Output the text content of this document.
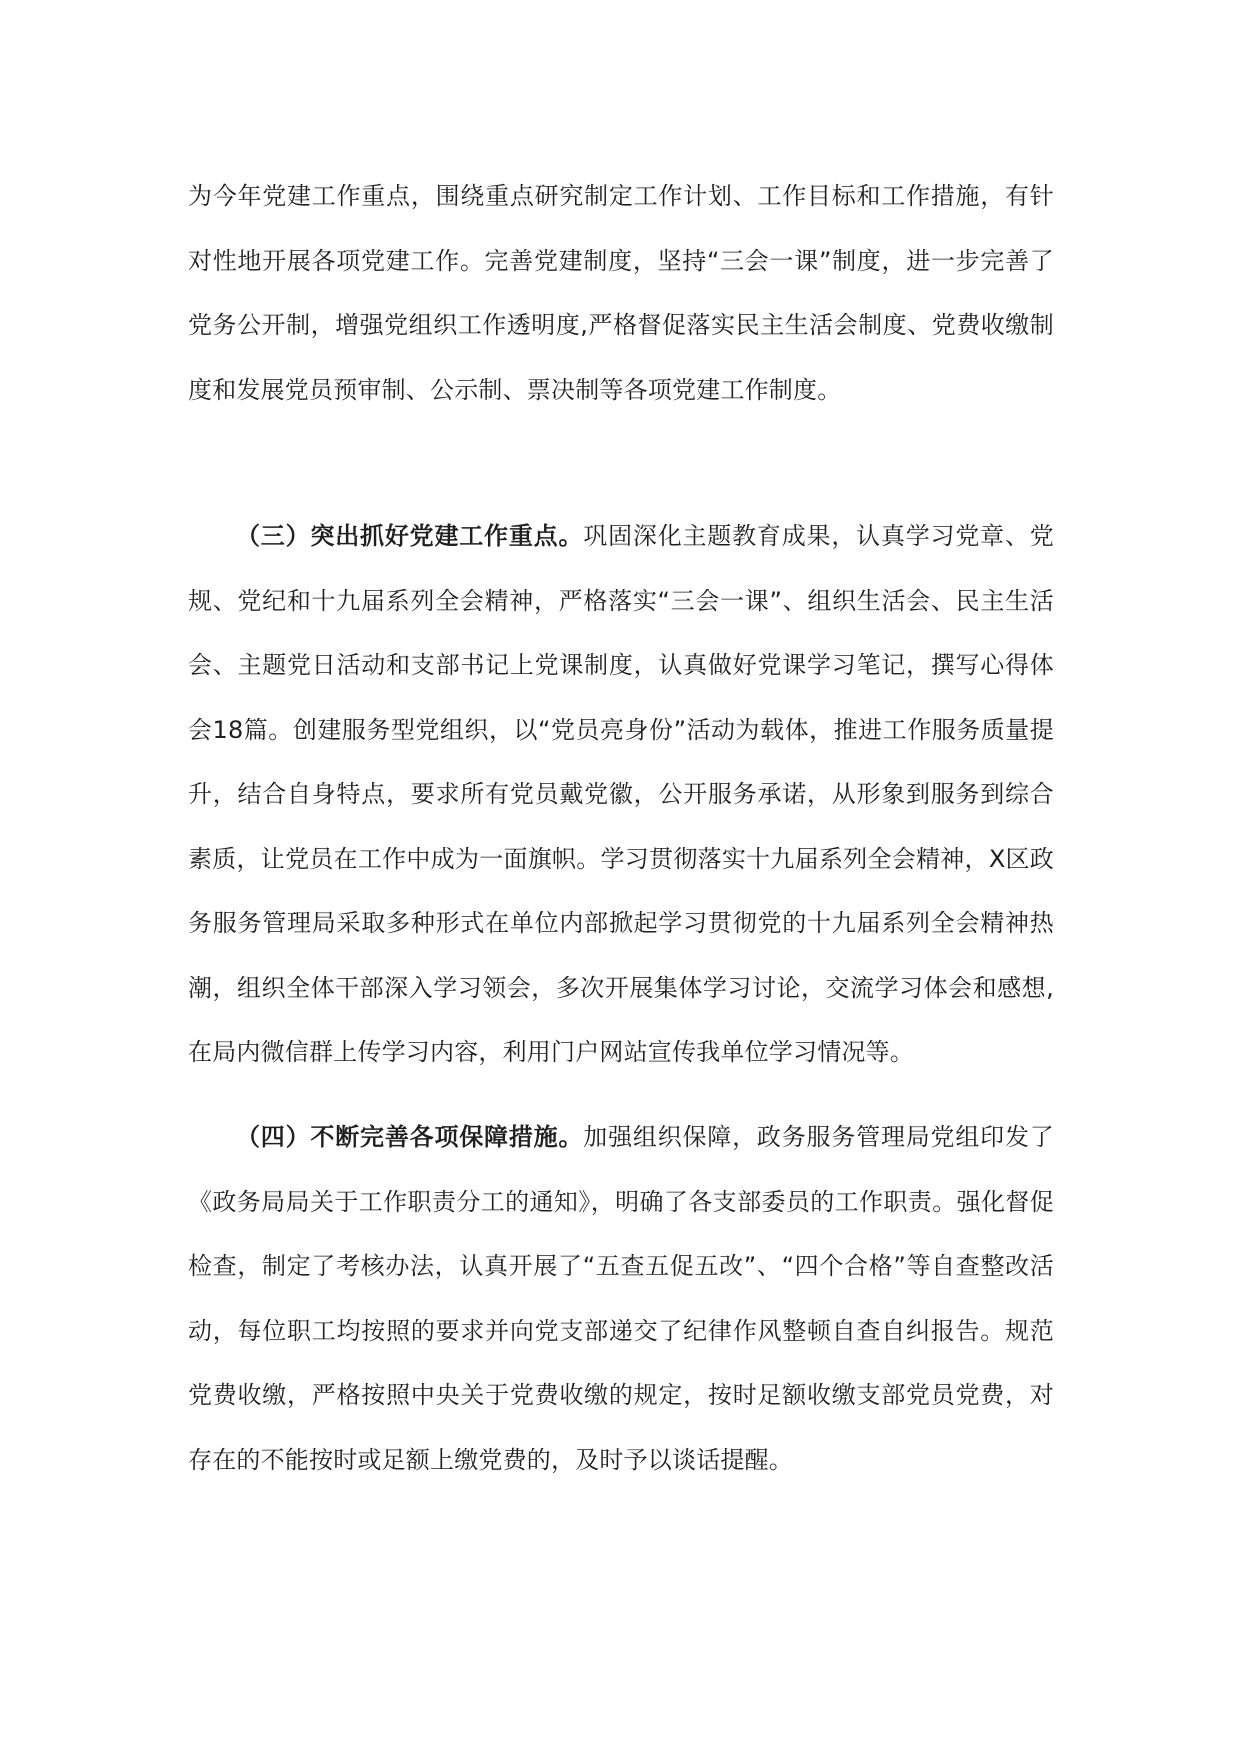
为今年党建工作重点，围绕重点研究制定工作计划、工作目标和工作措施，有针对性地开展各项党建工作。完善党建制度，坚持“三会一课”制度，进一步完善了党务公开制，增强党组织工作透明度,严格督促落实民主生活会制度、党费收缴制度和发展党员预审制、公示制、票决制等各项党建工作制度。

（三）突出抓好党建工作重点。巩固深化主题教育成果，认真学习党章、党规、党纪和十九届系列全会精神，严格落实“三会一课”、组织生活会、民主生活会、主题党日活动和支部书记上党课制度，认真做好党课学习笔记，撰写心得体会18篇。创建服务型党组织，以“党员亮身份”活动为载体，推进工作服务质量提升，结合自身特点，要求所有党员戴党徽，公开服务承诺，从形象到服务到综合素质，让党员在工作中成为一面旗帜。学习贯彻落实十九届系列全会精神，X区政务服务管理局采取多种形式在单位内部掀起学习贯彻党的十九届系列全会精神热潮，组织全体干部深入学习领会，多次开展集体学习讨论，交流学习体会和感想,在局内微信群上传学习内容，利用门户网站宣传我单位学习情况等。

（四）不断完善各项保障措施。加强组织保障，政务服务管理局党组印发了《政务局局关于工作职责分工的通知》，明确了各支部委员的工作职责。强化督促检查，制定了考核办法，认真开展了“五查五促五改”、“四个合格”等自查整改活动，每位职工均按照的要求并向党支部递交了纪律作风整顿自查自纠报告。规范党费收缴，严格按照中央关于党费收缴的规定，按时足额收缴支部党员党费，对存在的不能按时或足额上缴党费的，及时予以谈话提醒。
